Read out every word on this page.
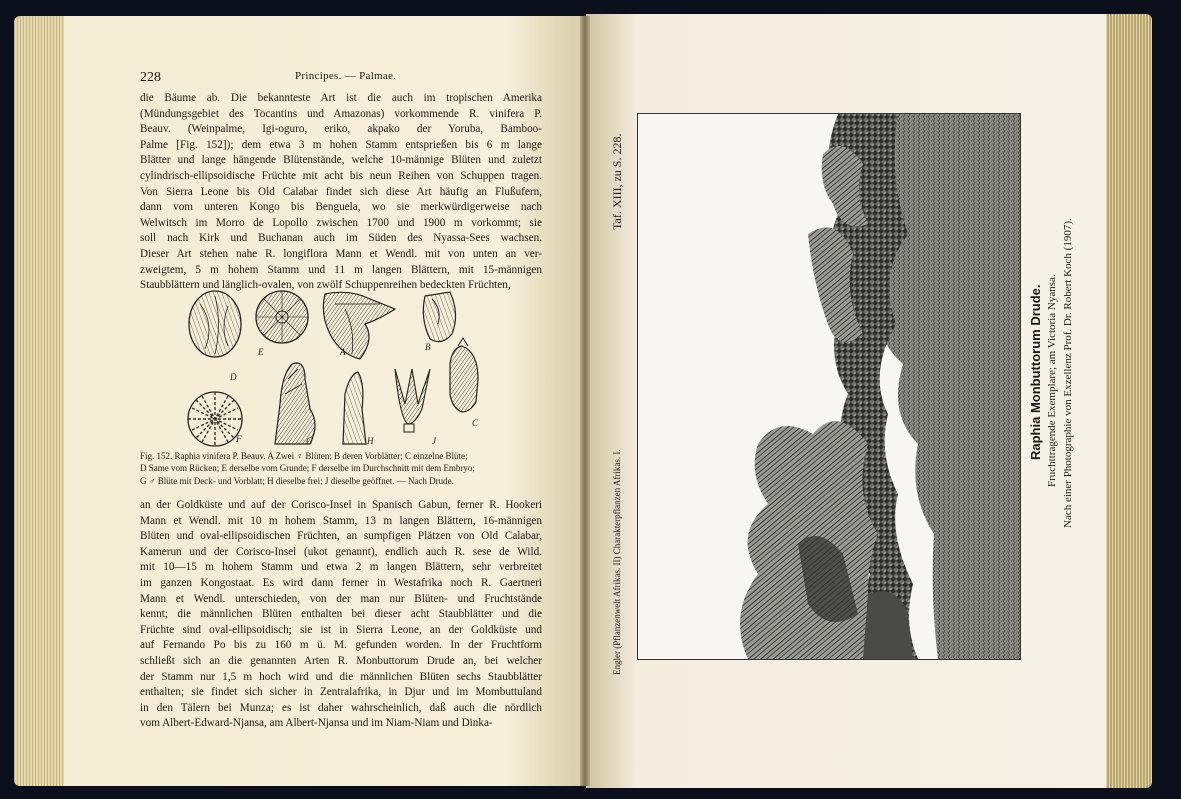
228	Principes. — Palmae.
die Bäume ab. Die bekannteste Art ist die auch im tropischen Amerika
(Mündungsgebiet des Tocantins und Amazonas) vorkommende R. vinifera P.
Beauv. (Weinpalme, Igi-oguro, eriko, akpako der Yoruba, Bamboo-
Palme [Fig. 152]); dem etwa 3 m hohen Stamm entsprießen bis 6 m lange
Blätter und lange hängende Blütenstände, welche 10-männige Blüten und zuletzt
cylindrisch-ellipsoidische Früchte mit acht bis neun Reihen von Schuppen tragen.
Von Sierra Leone bis Old Calabar findet sich diese Art häufig an Flußufern,
dann vom unteren Kongo bis Benguela, wo sie merkwürdigerweise nach
Welwitsch im Morro de Lopollo zwischen 1700 und 1900 m vorkommt; sie
soll nach Kirk und Buchanan auch im Süden des Nyassa-Sees wachsen.
Dieser Art stehen nahe R. longiflora Mann et Wendl. mit von unten an ver-
zweigtem, 5 m hohem Stamm und 11 m langen Blättern, mit 15-männigen
Staubblättern und länglich-ovalen, von zwölf Schuppenreihen bedeckten Früchten,
D
E	A	B
F	G	H	J
C
Fig. 152. Raphia vinifera P. Beauv. A Zwei ♀ Blüten; B deren Vorblätter; C einzelne Blüte;
D Same vom Rücken; E derselbe vom Grunde; F derselbe im Durchschnitt mit dem Embryo;
G ♂ Blüte mit Deck- und Vorblatt; H dieselbe frei; J dieselbe geöffnet. — Nach Drude.
an der Goldküste und auf der Corisco-Insel in Spanisch Gabun, ferner R. Hookeri
Mann et Wendl. mit 10 m hohem Stamm, 13 m langen Blättern, 16-männigen
Blüten und oval-ellipsoidischen Früchten, an sumpfigen Plätzen von Old Calabar,
Kamerun und der Corisco-Insel (ukot genannt), endlich auch R. sese de Wild.
mit 10—15 m hohem Stamm und etwa 2 m langen Blättern, sehr verbreitet
im ganzen Kongostaat. Es wird dann ferner in Westafrika noch R. Gaertneri
Mann et Wendl. unterschieden, von der man nur Blüten- und Fruchtstände
kennt; die männlichen Blüten enthalten bei dieser acht Staubblätter und die
Früchte sind oval-ellipsoidisch; sie ist in Sierra Leone, an der Goldküste und
auf Fernando Po bis zu 160 m ü. M. gefunden worden. In der Fruchtform
schließt sich an die genannten Arten R. Monbuttorum Drude an, bei welcher
der Stamm nur 1,5 m hoch wird und die männlichen Blüten sechs Staubblätter
enthalten; sie findet sich sicher in Zentralafrika, in Djur und im Mombuttuland
in den Tälern bei Munza; es ist daher wahrscheinlich, daß auch die nördlich
vom Albert-Edward-Njansa, am Albert-Njansa und im Niam-Niam und Dinka-
Engler (Pflanzenwelt Afrikas. II) Charakterpflanzen Afrikas. I.
Taf. XIII, zu S. 228.
Raphia Monbuttorum Drude. Fruchttragende Exemplare; am Victoria Nyansa. Nach einer Photographie von Exzellenz Prof. Dr. Robert Koch (1907).
